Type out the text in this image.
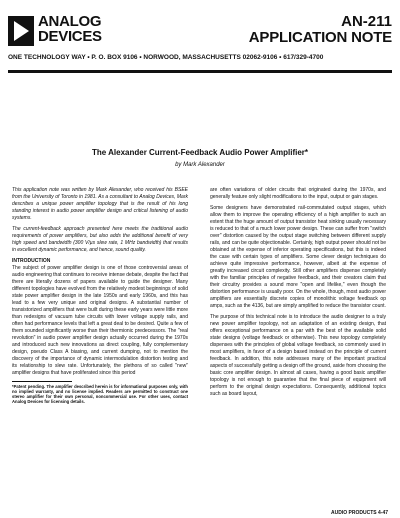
ANALOG
DEVICES
AN-211
APPLICATION NOTE
ONE TECHNOLOGY WAY • P. O. BOX 9106 • NORWOOD, MASSACHUSETTS 02062-9106 • 617/329-4700
The Alexander Current-Feedback Audio Power Amplifier*
by Mark Alexander

This application note was written by Mark Alexander, who received his BSEE from the University of Toronto in 1981. As a consultant to Analog Devices, Mark describes a unique power amplifier topology that is the result of his long standing interest in audio power amplifier design and critical listening of audio systems.

The current-feedback approach presented here meets the traditional audio requirements of power amplifiers, but also adds the additional benefit of very high speed and bandwidth (300 V/µs slew rate, 1 MHz bandwidth) that results in excellent dynamic performance, and hence, sound quality.

INTRODUCTION

The subject of power amplifier design is one of those controversial areas of audio engineering that continues to receive intense debate, despite the fact that there are literally dozens of papers available to guide the designer. Many different topologies have evolved from the relatively modest beginnings of solid state power amplifier design in the late 1950s and early 1960s, and this has lead to a few very unique and original designs. A substantial number of transistorized amplifiers that were built during these early years were little more than redesigns of vacuum tube circuits with lower voltage supply rails, and often had performance levels that left a great deal to be desired. Quite a few of them sounded significantly worse than their thermionic predecessors. The "real revolution" in audio power amplifier design actually occurred during the 1970s and introduced such new innovations as direct coupling, fully complementary design, pseudo Class A biasing, and current dumping, not to mention the discovery of the importance of dynamic intermodulation distortion testing and its relationship to slew rate. Unfortunately, the plethora of so called "new" amplifier designs that have proliferated since this period

*Patent pending. The amplifier described herein is for informational purposes only, with no implied warranty, and no license implied. Readers are permitted to construct one stereo amplifier for their own personal, noncommercial use. For other uses, contact Analog Devices for licensing details.

are often variations of older circuits that originated during the 1970s, and generally feature only slight modifications to the input, output or gain stages.

Some designers have demonstrated rail-commutated output stages, which allow them to improve the operating efficiency of a high amplifier to such an extent that the huge amount of output transistor heat sinking usually necessary is reduced to that of a much lower power design. These can suffer from "switch over" distortion caused by the output stage switching between different supply rails, and can be quite objectionable. Certainly, high output power should not be obtained at the expense of inferior operating specifications, but this is indeed the case with certain types of amplifiers. Some clever design techniques do achieve quite impressive performance, however, albeit at the expense of greatly increased circuit complexity. Still other amplifiers dispense completely with the familiar principles of negative feedback, and their creators claim that their circuitry provides a sound more "open and lifelike," even though the distortion performance is usually poor. On the whole, though, most audio power amplifiers are essentially discrete copies of monolithic voltage feedback op amps, such as the 4136, but are simply amplified to reduce the transistor count.

The purpose of this technical note is to introduce the audio designer to a truly new power amplifier topology, not an adaptation of an existing design, that offers exceptional performance on a par with the best of the available solid state designs (voltage feedback or otherwise). This new topology completely dispenses with the principles of global voltage feedback, so commonly used in most amplifiers, in favor of a design based instead on the principle of current feedback. In addition, this note addresses many of the important practical aspects of successfully getting a design off the ground, aside from choosing the basic core amplifier design. In almost all cases, having a good basic amplifier topology is not enough to guarantee that the final piece of equipment will perform to the original design expectations. Consequently, additional topics such as board layout,

AUDIO PRODUCTS 4-47
